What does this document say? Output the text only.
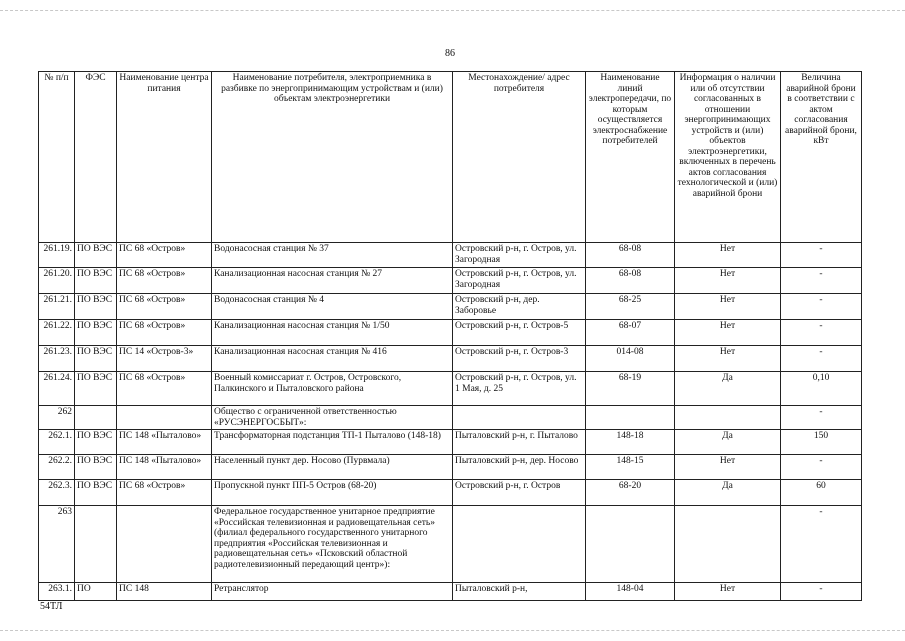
86
№ п/п	ФЭС	Наименование центра питания	Наименование потребителя, электроприемника в разбивке по энергопринимающим устройствам и (или) объектам электроэнергетики	Местонахождение/ адрес потребителя	Наименование линий электропередачи, по которым осуществляется электроснабжение потребителей	Информация о наличии или об отсутствии согласованных в отношении энергопринимающих устройств и (или) объектов электроэнергетики, включенных в перечень актов согласования технологической и (или) аварийной брони	Величина аварийной брони в соответствии с актом согласования аварийной брони, кВт
261.19.	ПО ВЭС	ПС 68 «Остров»	Водонасосная станция № 37	Островский р-н, г. Остров, ул. Загородная	68-08	Нет	-
261.20.	ПО ВЭС	ПС 68 «Остров»	Канализационная насосная станция № 27	Островский р-н, г. Остров, ул. Загородная	68-08	Нет	-
261.21.	ПО ВЭС	ПС 68 «Остров»	Водонасосная станция № 4	Островский р-н, дер. Заборовье	68-25	Нет	-
261.22.	ПО ВЭС	ПС 68 «Остров»	Канализационная насосная станция № 1/50	Островский р-н, г. Остров-5	68-07	Нет	-
261.23.	ПО ВЭС	ПС 14 «Остров-3»	Канализационная насосная станция № 416	Островский р-н, г. Остров-3	014-08	Нет	-
261.24.	ПО ВЭС	ПС 68 «Остров»	Военный комиссариат г. Остров, Островского, Палкинского и Пыталовского района	Островский р-н, г. Остров, ул. 1 Мая, д. 25	68-19	Да	0,10
262			Общество с ограниченной ответственностью «РУСЭНЕРГОСБЫТ»:				-
262.1.	ПО ВЭС	ПС 148 «Пыталово»	Трансформаторная подстанция ТП-1 Пыталово (148-18)	Пыталовский р-н, г. Пыталово	148-18	Да	150
262.2.	ПО ВЭС	ПС 148 «Пыталово»	Населенный пункт дер. Носово (Пурвмала)	Пыталовский р-н, дер. Носово	148-15	Нет	-
262.3.	ПО ВЭС	ПС 68 «Остров»	Пропускной пункт ПП-5 Остров (68-20)	Островский р-н, г. Остров	68-20	Да	60
263			Федеральное государственное унитарное предприятие «Российская телевизионная и радиовещательная сеть» (филиал федерального государственного унитарного предприятия «Российская телевизионная и радиовещательная сеть» «Псковский областной радиотелевизионный передающий центр»):				-
263.1.	ПО	ПС 148	Ретранслятор	Пыталовский р-н,	148-04	Нет	-
54ТЛ
